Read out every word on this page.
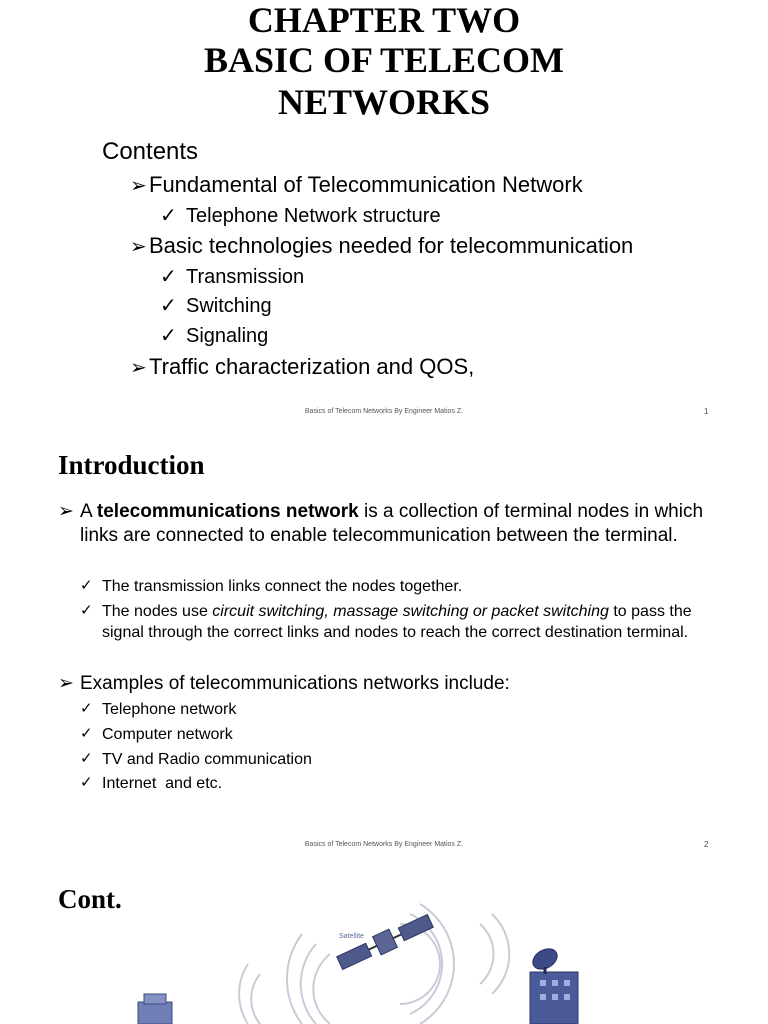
CHAPTER TWO
BASIC OF TELECOM
NETWORKS
Contents
➢ Fundamental of Telecommunication Network
✓ Telephone Network structure
➢ Basic technologies needed for telecommunication
✓ Transmission
✓ Switching
✓ Signaling
➢ Traffic characterization and QOS,
Basics of Telecom Networks By Engineer Matios Z.	1
Introduction
➢ A telecommunications network is a collection of terminal nodes in which links are connected to enable telecommunication between the terminal.
✓ The transmission links connect the nodes together.
✓ The nodes use circuit switching, massage switching or packet switching to pass the signal through the correct links and nodes to reach the correct destination terminal.
➢ Examples of telecommunications networks include:
✓ Telephone network
✓ Computer network
✓ TV and Radio communication
✓ Internet  and etc.
Basics of Telecom Networks By Engineer Matios Z.	2
Cont.
Satellite
